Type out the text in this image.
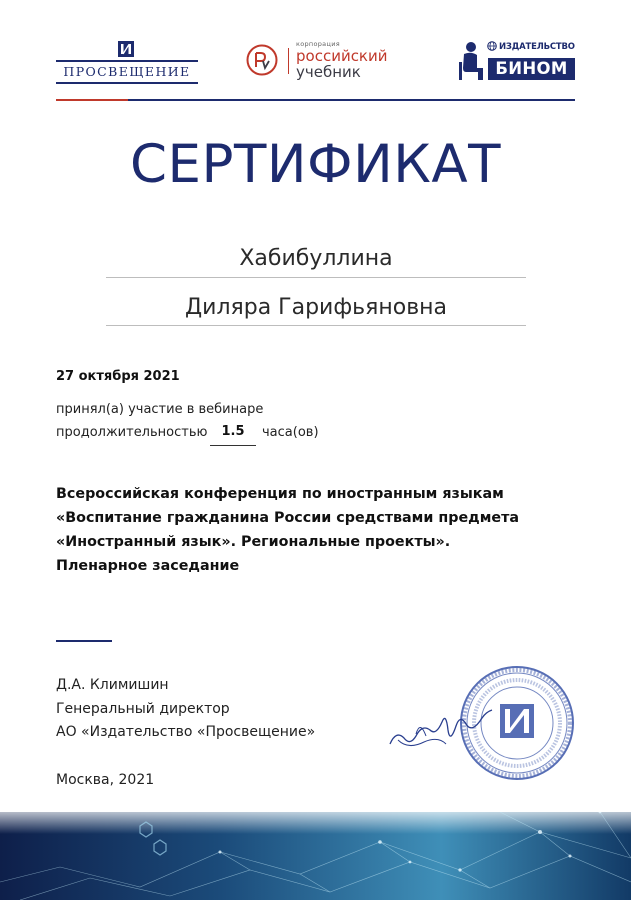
ПРОСВЕЩЕНИЕ
корпорация
российский
учебник
ИЗДАТЕЛЬСТВО
БИНОМ
СЕРТИФИКАТ
Хабибуллина
Диляра Гарифьяновна
27 октября 2021
принял(а) участие в вебинаре
продолжительностью	1.5	часа(ов)
Всероссийская конференция по иностранным языкам
«Воспитание гражданина России средствами предмета
«Иностранный язык». Региональные проекты».
Пленарное заседание
Д.А. Климишин
Генеральный директор
АО «Издательство «Просвещение»
Москва, 2021
